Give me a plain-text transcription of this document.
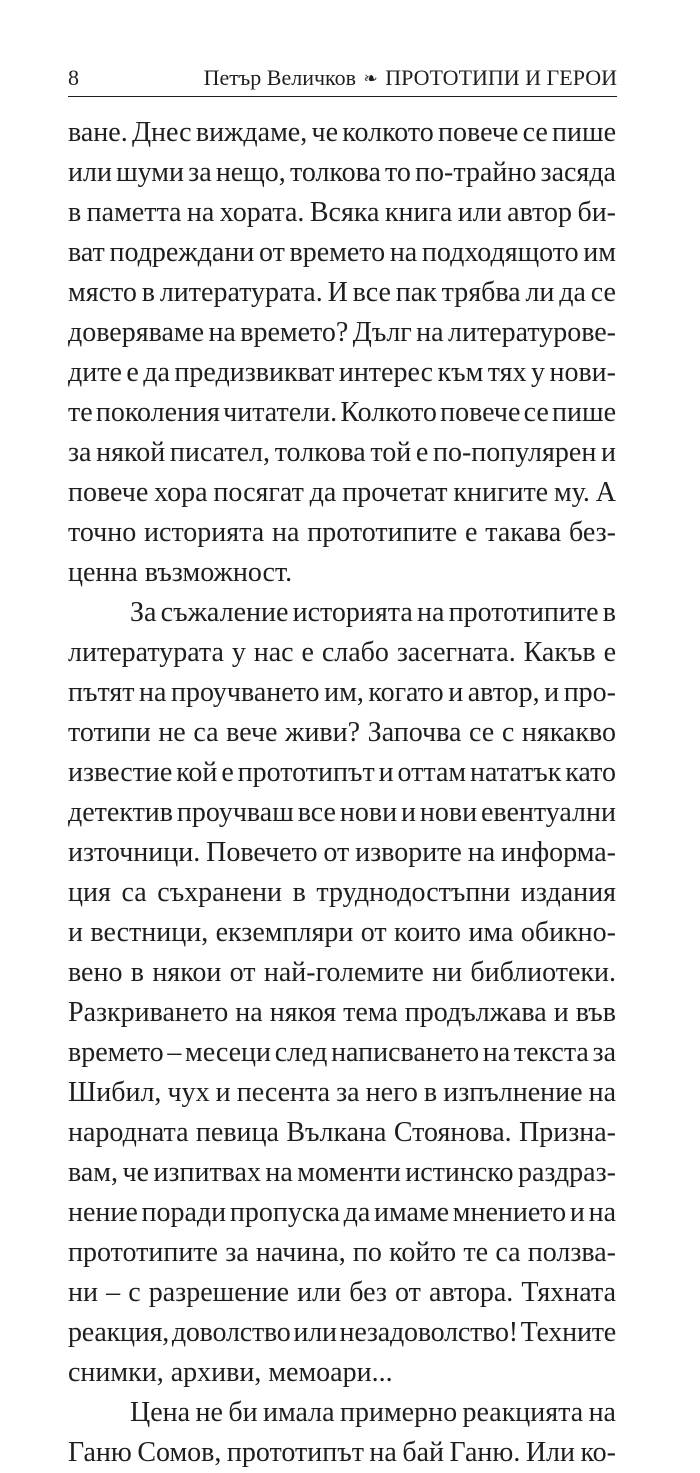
8	Петър Величков ❧ ПРОТОТИПИ И ГЕРОИ
ване. Днес виждаме, че колкото повече се пише
или шуми за нещо, толкова то по-трайно засяда
в паметта на хората. Всяка книга или автор би-
ват подреждани от времето на подходящото им
място в литературата. И все пак трябва ли да се
доверяваме на времето? Дълг на литературове-
дите е да предизвикват интерес към тях у нови-
те поколения читатели. Колкото повече се пише
за някой писател, толкова той е по-популярен и
повече хора посягат да прочетат книгите му. А
точно историята на прототипите е такава без-
ценна възможност.
За съжаление историята на прототипите в
литературата у нас е слабо засегната. Какъв е
пътят на проучването им, когато и автор, и про-
тотипи не са вече живи? Започва се с някакво
известие кой е прототипът и оттам нататък като
детектив проучваш все нови и нови евентуални
източници. Повечето от изворите на информа-
ция са съхранени в труднодостъпни издания
и вестници, екземпляри от които има обикно-
вено в някои от най-големите ни библиотеки.
Разкриването на някоя тема продължава и във
времето – месеци след написването на текста за
Шибил, чух и песента за него в изпълнение на
народната певица Вълкана Стоянова. Призна-
вам, че изпитвах на моменти истинско раздраз-
нение поради пропуска да имаме мнението и на
прототипите за начина, по който те са ползва-
ни – с разрешение или без от автора. Тяхната
реакция, доволство или незадоволство! Техните
снимки, архиви, мемоари...
Цена не би имала примерно реакцията на
Ганю Сомов, прототипът на бай Ганю. Или ко-
